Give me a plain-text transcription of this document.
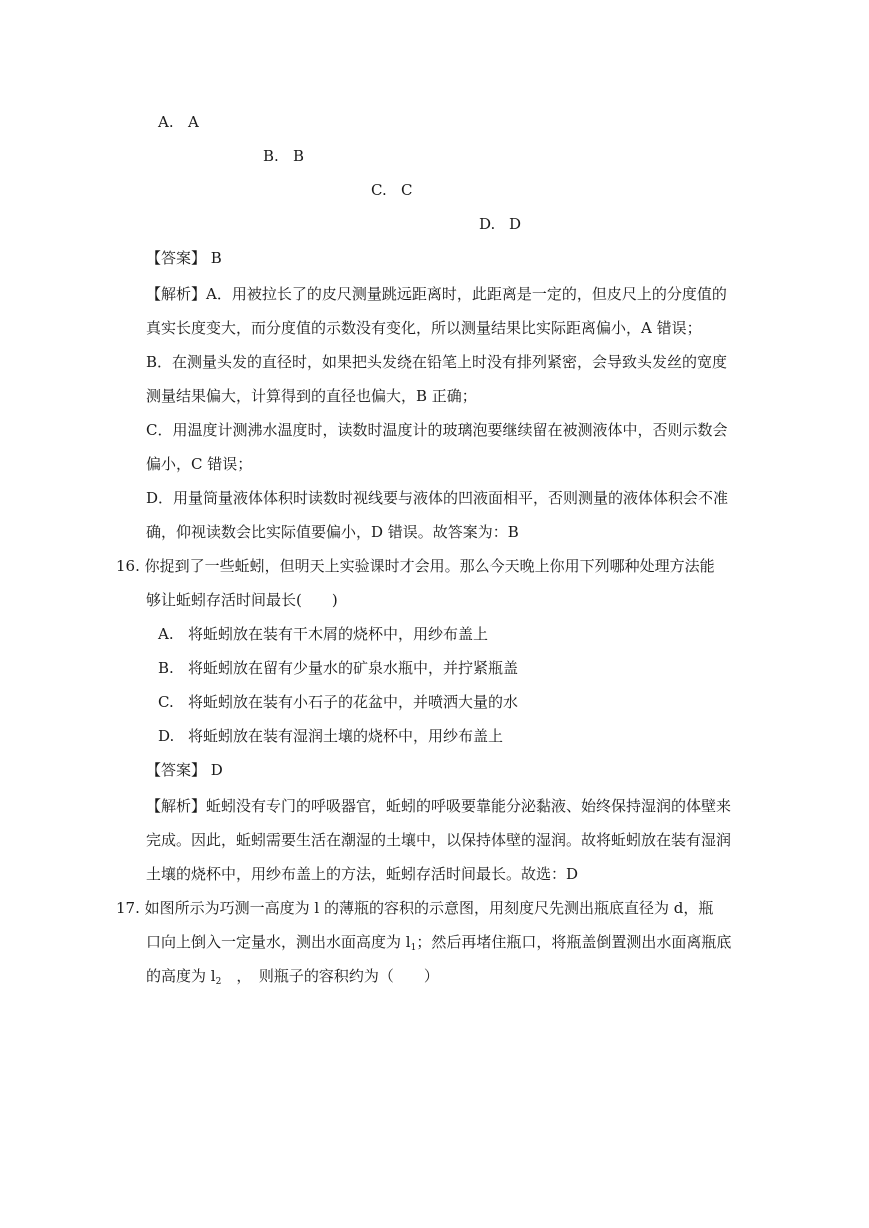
A. A
B. B
C. C
D. D
【答案】 B
【解析】A．用被拉长了的皮尺测量跳远距离时，此距离是一定的，但皮尺上的分度值的
真实长度变大，而分度值的示数没有变化，所以测量结果比实际距离偏小，A 错误；
B．在测量头发的直径时，如果把头发绕在铅笔上时没有排列紧密，会导致头发丝的宽度
测量结果偏大，计算得到的直径也偏大，B 正确；
C．用温度计测沸水温度时，读数时温度计的玻璃泡要继续留在被测液体中，否则示数会
偏小，C 错误；
D．用量筒量液体体积时读数时视线要与液体的凹液面相平，否则测量的液体体积会不准
确，仰视读数会比实际值要偏小，D 错误。故答案为：B
16. 你捉到了一些蚯蚓，但明天上实验课时才会用。那么今天晚上你用下列哪种处理方法能
够让蚯蚓存活时间最长(　　)
A. 将蚯蚓放在装有干木屑的烧杯中，用纱布盖上
B. 将蚯蚓放在留有少量水的矿泉水瓶中，并拧紧瓶盖
C. 将蚯蚓放在装有小石子的花盆中，并喷洒大量的水
D. 将蚯蚓放在装有湿润土壤的烧杯中，用纱布盖上
【答案】 D
【解析】蚯蚓没有专门的呼吸器官，蚯蚓的呼吸要靠能分泌黏液、始终保持湿润的体壁来
完成。因此，蚯蚓需要生活在潮湿的土壤中，以保持体壁的湿润。故将蚯蚓放在装有湿润
土壤的烧杯中，用纱布盖上的方法，蚯蚓存活时间最长。故选：D
17. 如图所示为巧测一高度为 l 的薄瓶的容积的示意图，用刻度尺先测出瓶底直径为 d，瓶
口向上倒入一定量水，测出水面高度为 $l_1$；然后再堵住瓶口，将瓶盖倒置测出水面离瓶底
的高度为 $l_2$　，　则瓶子的容积约为（　　）
